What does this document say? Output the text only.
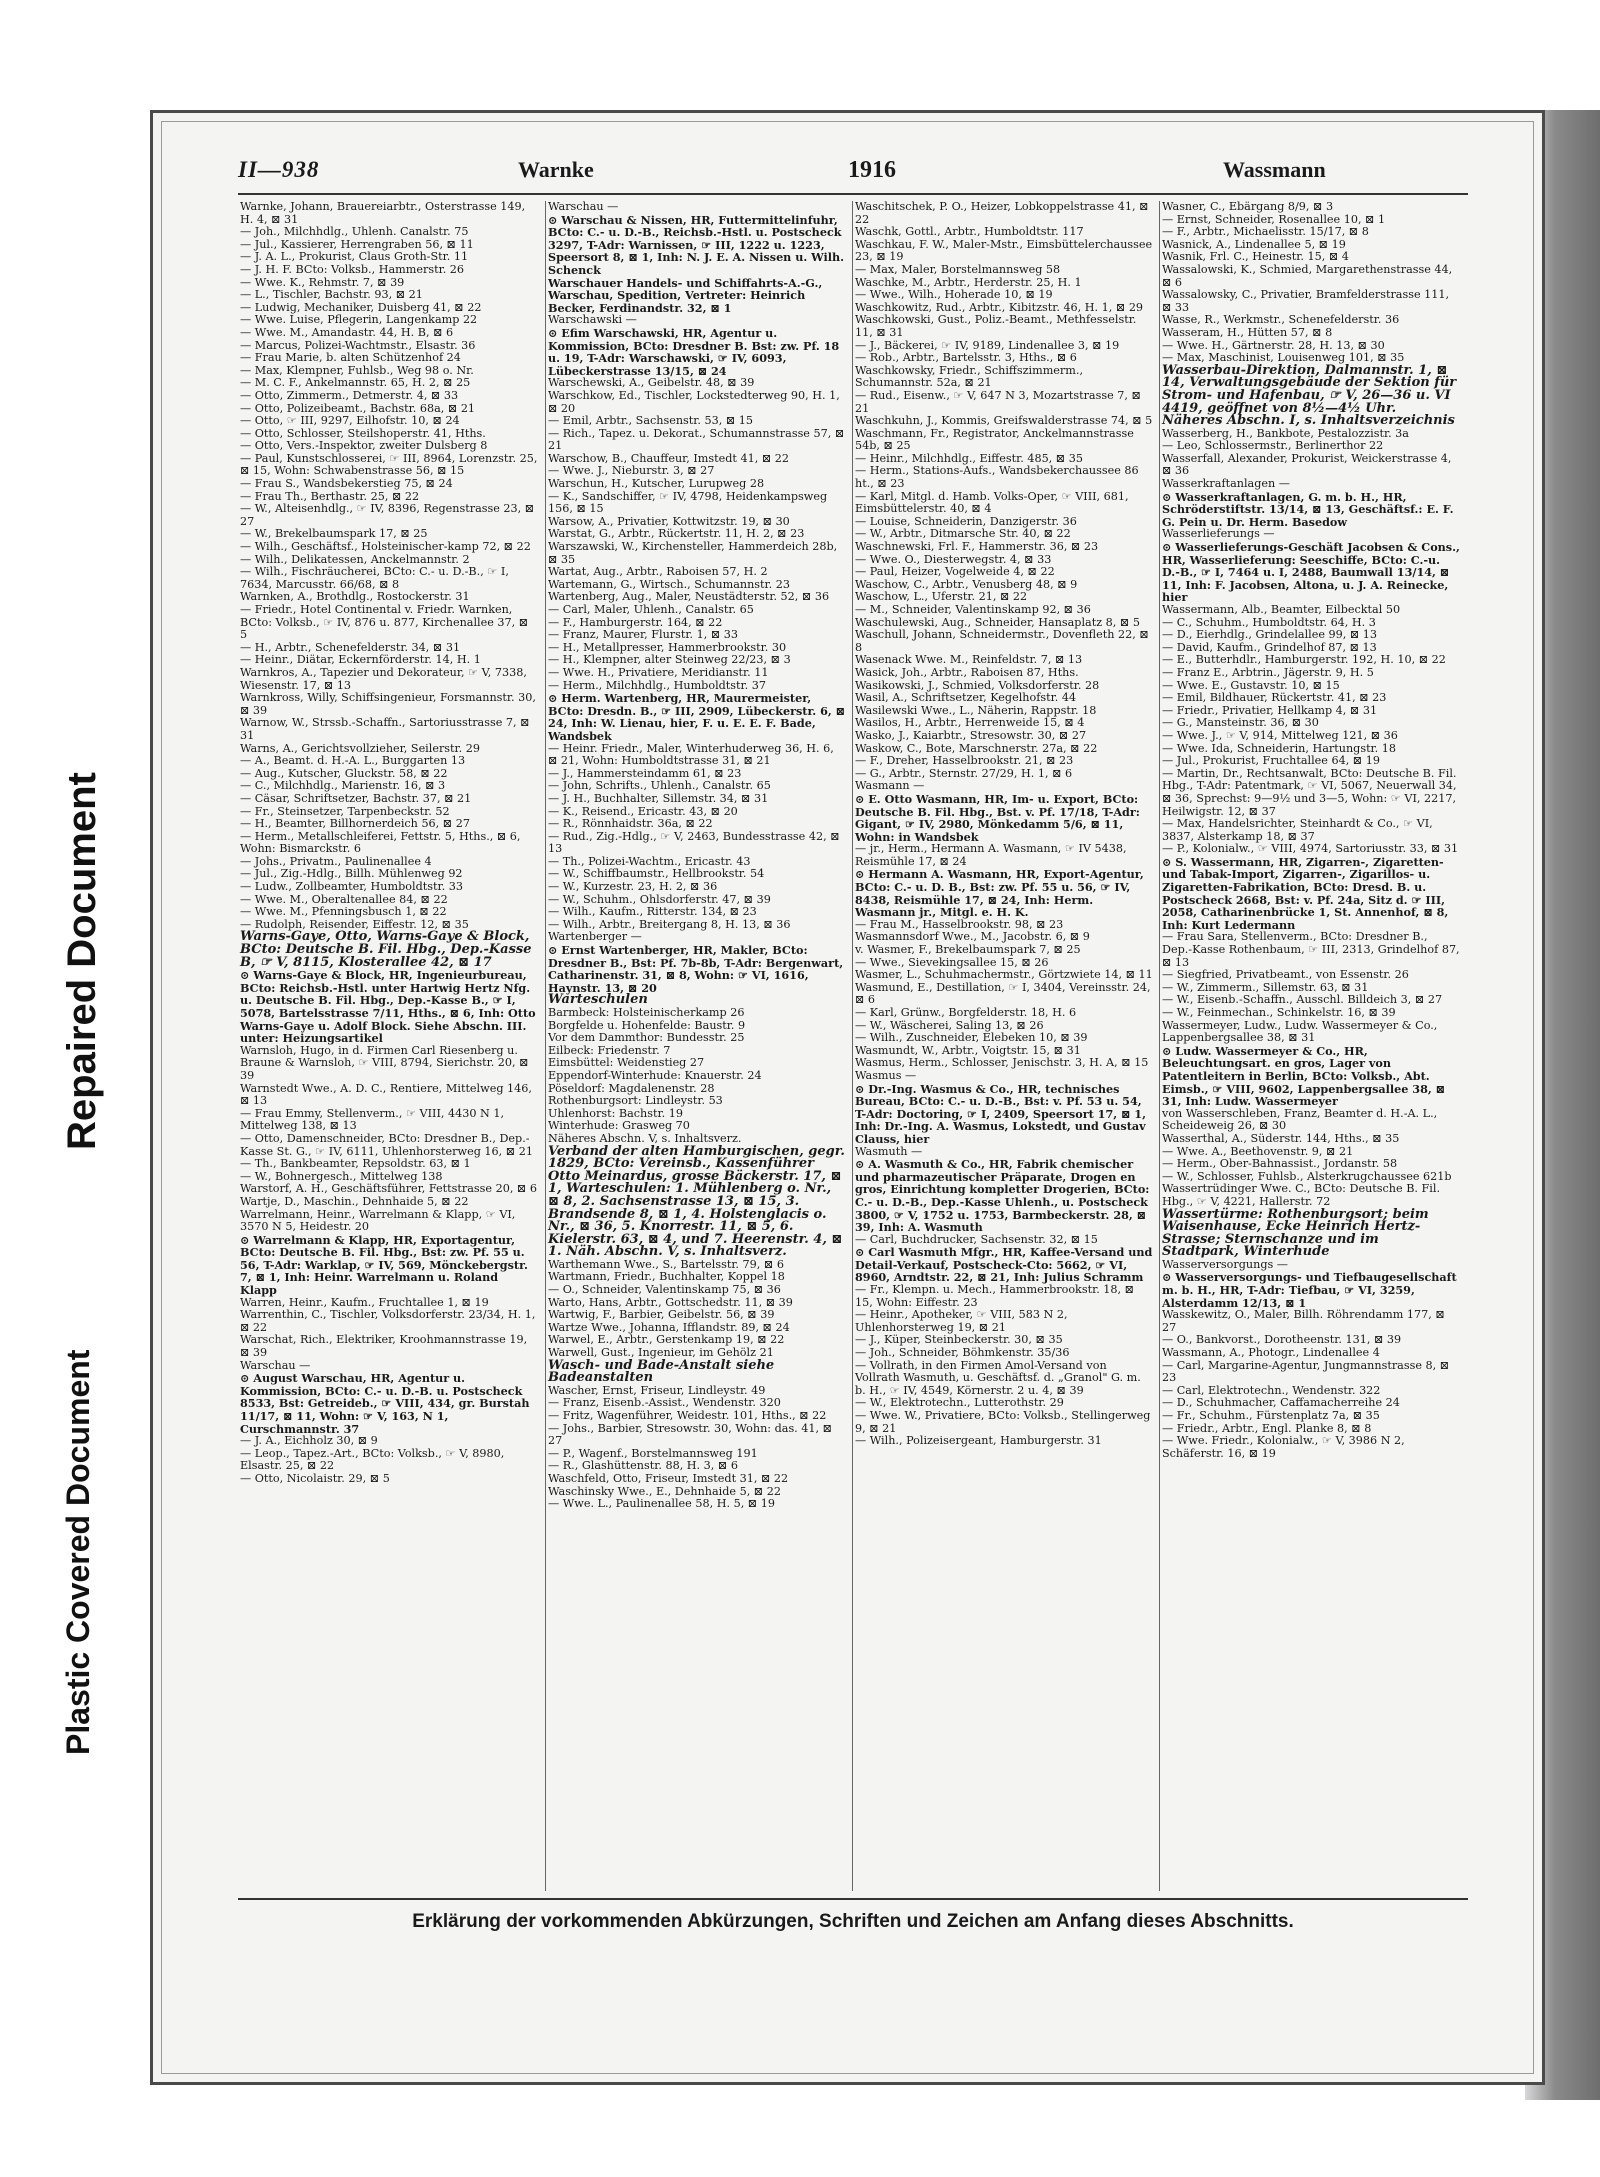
Repaired Document
Plastic Covered Document
II—938	Warnke	1916	Wassmann
Warnke, Johann, Brauereiarbtr., Osterstrasse 149, H. 4, ⊠ 31
— Joh., Milchhdlg., Uhlenh. Canalstr. 75
— Jul., Kassierer, Herrengraben 56, ⊠ 11
— J. A. L., Prokurist, Claus Groth-Str. 11
— J. H. F. BCto: Volksb., Hammerstr. 26
— Wwe. K., Rehmstr. 7, ⊠ 39
— L., Tischler, Bachstr. 93, ⊠ 21
— Ludwig, Mechaniker, Duisberg 41, ⊠ 22
— Wwe. Luise, Pflegerin, Langenkamp 22
— Wwe. M., Amandastr. 44, H. B, ⊠ 6
— Marcus, Polizei-Wachtmstr., Elsastr. 36
— Frau Marie, b. alten Schützenhof 24
— Max, Klempner, Fuhlsb., Weg 98 o. Nr.
— M. C. F., Ankelmannstr. 65, H. 2, ⊠ 25
— Otto, Zimmerm., Detmerstr. 4, ⊠ 33
— Otto, Polizeibeamt., Bachstr. 68a, ⊠ 21
— Otto, ☞ III, 9297, Eilhofstr. 10, ⊠ 24
— Otto, Schlosser, Steilshoperstr. 41, Hths.
— Otto, Vers.-Inspektor, zweiter Dulsberg 8
— Paul, Kunstschlosserei, ☞ III, 8964, Lorenzstr. 25, ⊠ 15, Wohn: Schwabenstrasse 56, ⊠ 15
— Frau S., Wandsbekerstieg 75, ⊠ 24
— Frau Th., Berthastr. 25, ⊠ 22
— W., Alteisenhdlg., ☞ IV, 8396, Regenstrasse 23, ⊠ 27
— W., Brekelbaumspark 17, ⊠ 25
— Wilh., Geschäftsf., Holsteinischer-kamp 72, ⊠ 22
— Wilh., Delikatessen, Anckelmannstr. 2
— Wilh., Fischräucherei, BCto: C.- u. D.-B., ☞ I, 7634, Marcusstr. 66/68, ⊠ 8
Warnken, A., Brothdlg., Rostockerstr. 31
— Friedr., Hotel Continental v. Friedr. Warnken, BCto: Volksb., ☞ IV, 876 u. 877, Kirchenallee 37, ⊠ 5
— H., Arbtr., Schenefelderstr. 34, ⊠ 31
— Heinr., Diätar, Eckernförderstr. 14, H. 1
Warnkros, A., Tapezier und Dekorateur, ☞ V, 7338, Wiesenstr. 17, ⊠ 13
Warnkross, Willy, Schiffsingenieur, Forsmannstr. 30, ⊠ 39
Warnow, W., Strssb.-Schaffn., Sartoriusstrasse 7, ⊠ 31
Warns, A., Gerichtsvollzieher, Seilerstr. 29
— A., Beamt. d. H.-A. L., Burggarten 13
— Aug., Kutscher, Gluckstr. 58, ⊠ 22
— C., Milchhdlg., Marienstr. 16, ⊠ 3
— Cäsar, Schriftsetzer, Bachstr. 37, ⊠ 21
— Fr., Steinsetzer, Tarpenbeckstr. 52
— H., Beamter, Billhornerdeich 56, ⊠ 27
— Herm., Metallschleiferei, Fettstr. 5, Hths., ⊠ 6, Wohn: Bismarckstr. 6
— Johs., Privatm., Paulinenallee 4
— Jul., Zig.-Hdlg., Billh. Mühlenweg 92
— Ludw., Zollbeamter, Humboldtstr. 33
— Wwe. M., Oberaltenallee 84, ⊠ 22
— Wwe. M., Pfenningsbusch 1, ⊠ 22
— Rudolph, Reisender, Eiffestr. 12, ⊠ 35
Warns-Gaye, Otto, Warns-Gaye & Block, BCto: Deutsche B. Fil. Hbg., Dep.-Kasse B, ☞ V, 8115, Klosterallee 42, ⊠ 17
⊙ Warns-Gaye & Block, HR, Ingenieurbureau, BCto: Reichsb.-Hstl. unter Hartwig Hertz Nfg. u. Deutsche B. Fil. Hbg., Dep.-Kasse B., ☞ I, 5078, Bartelsstrasse 7/11, Hths., ⊠ 6, Inh: Otto Warns-Gaye u. Adolf Block. Siehe Abschn. III. unter: Heizungsartikel
Warnsloh, Hugo, in d. Firmen Carl Riesenberg u. Braune & Warnsloh, ☞ VIII, 8794, Sierichstr. 20, ⊠ 39
Warnstedt Wwe., A. D. C., Rentiere, Mittelweg 146, ⊠ 13
— Frau Emmy, Stellenverm., ☞ VIII, 4430 N 1, Mittelweg 138, ⊠ 13
— Otto, Damenschneider, BCto: Dresdner B., Dep.-Kasse St. G., ☞ IV, 6111, Uhlenhorsterweg 16, ⊠ 21
— Th., Bankbeamter, Repsoldstr. 63, ⊠ 1
— W., Bohnergesch., Mittelweg 138
Warstorf, A. H., Geschäftsführer, Fettstrasse 20, ⊠ 6
Wartje, D., Maschin., Dehnhaide 5, ⊠ 22
Warrelmann, Heinr., Warrelmann & Klapp, ☞ VI, 3570 N 5, Heidestr. 20
⊙ Warrelmann & Klapp, HR, Exportagentur, BCto: Deutsche B. Fil. Hbg., Bst: zw. Pf. 55 u. 56, T-Adr: Warklap, ☞ IV, 569, Mönckebergstr. 7, ⊠ 1, Inh: Heinr. Warrelmann u. Roland Klapp
Warren, Heinr., Kaufm., Fruchtallee 1, ⊠ 19
Warrenthin, C., Tischler, Volksdorferstr. 23/34, H. 1, ⊠ 22
Warschat, Rich., Elektriker, Kroohmannstrasse 19, ⊠ 39
Warschau —
⊙ August Warschau, HR, Agentur u. Kommission, BCto: C.- u. D.-B. u. Postscheck 8533, Bst: Getreideb., ☞ VIII, 434, gr. Burstah 11/17, ⊠ 11, Wohn: ☞ V, 163, N 1, Curschmannstr. 37
— J. A., Eichholz 30, ⊠ 9
— Leop., Tapez.-Art., BCto: Volksb., ☞ V, 8980, Elsastr. 25, ⊠ 22
— Otto, Nicolaistr. 29, ⊠ 5
Warschau —
⊙ Warschau & Nissen, HR, Futtermittelinfuhr, BCto: C.- u. D.-B., Reichsb.-Hstl. u. Postscheck 3297, T-Adr: Warnissen, ☞ III, 1222 u. 1223, Speersort 8, ⊠ 1, Inh: N. J. E. A. Nissen u. Wilh. Schenck
Warschauer Handels- und Schiffahrts-A.-G., Warschau, Spedition, Vertreter: Heinrich Becker, Ferdinandstr. 32, ⊠ 1
Warschawski —
⊙ Efim Warschawski, HR, Agentur u. Kommission, BCto: Dresdner B. Bst: zw. Pf. 18 u. 19, T-Adr: Warschawski, ☞ IV, 6093, Lübeckerstrasse 13/15, ⊠ 24
Warschewski, A., Geibelstr. 48, ⊠ 39
Warschkow, Ed., Tischler, Lockstedterweg 90, H. 1, ⊠ 20
— Emil, Arbtr., Sachsenstr. 53, ⊠ 15
— Rich., Tapez. u. Dekorat., Schumannstrasse 57, ⊠ 21
Warschow, B., Chauffeur, Imstedt 41, ⊠ 22
— Wwe. J., Nieburstr. 3, ⊠ 27
Warschun, H., Kutscher, Lurupweg 28
— K., Sandschiffer, ☞ IV, 4798, Heidenkampsweg 156, ⊠ 15
Warsow, A., Privatier, Kottwitzstr. 19, ⊠ 30
Warstat, G., Arbtr., Rückertstr. 11, H. 2, ⊠ 23
Warszawski, W., Kirchensteller, Hammerdeich 28b, ⊠ 35
Wartat, Aug., Arbtr., Raboisen 57, H. 2
Wartemann, G., Wirtsch., Schumannstr. 23
Wartenberg, Aug., Maler, Neustädterstr. 52, ⊠ 36
— Carl, Maler, Uhlenh., Canalstr. 65
— F., Hamburgerstr. 164, ⊠ 22
— Franz, Maurer, Flurstr. 1, ⊠ 33
— H., Metallpresser, Hammerbrookstr. 30
— H., Klempner, alter Steinweg 22/23, ⊠ 3
— Wwe. H., Privatiere, Meridianstr. 11
— Herm., Milchhdlg., Humboldtstr. 37
⊙ Herm. Wartenberg, HR, Maurermeister, BCto: Dresdn. B., ☞ III, 2909, Lübeckerstr. 6, ⊠ 24, Inh: W. Lienau, hier, F. u. E. E. F. Bade, Wandsbek
— Heinr. Friedr., Maler, Winterhuderweg 36, H. 6, ⊠ 21, Wohn: Humboldtstrasse 31, ⊠ 21
— J., Hammersteindamm 61, ⊠ 23
— John, Schrifts., Uhlenh., Canalstr. 65
— J. H., Buchhalter, Sillemstr. 34, ⊠ 31
— K., Reisend., Ericastr. 43, ⊠ 20
— R., Rönnhaidstr. 36a, ⊠ 22
— Rud., Zig.-Hdlg., ☞ V, 2463, Bundesstrasse 42, ⊠ 13
— Th., Polizei-Wachtm., Ericastr. 43
— W., Schiffbaumstr., Hellbrookstr. 54
— W., Kurzestr. 23, H. 2, ⊠ 36
— W., Schuhm., Ohlsdorferstr. 47, ⊠ 39
— Wilh., Kaufm., Ritterstr. 134, ⊠ 23
— Wilh., Arbtr., Breitergang 8, H. 13, ⊠ 36
Wartenberger —
⊙ Ernst Wartenberger, HR, Makler, BCto: Dresdner B., Bst: Pf. 7b-8b, T-Adr: Bergenwart, Catharinenstr. 31, ⊠ 8, Wohn: ☞ VI, 1616, Haynstr. 13, ⊠ 20
Warteschulen
Barmbeck: Holsteinischerkamp 26
Borgfelde u. Hohenfelde: Baustr. 9
Vor dem Dammthor: Bundesstr. 25
Eilbeck: Friedenstr. 7
Eimsbüttel: Weidenstieg 27
Eppendorf-Winterhude: Knauerstr. 24
Pöseldorf: Magdalenenstr. 28
Rothenburgsort: Lindleystr. 53
Uhlenhorst: Bachstr. 19
Winterhude: Grasweg 70
Näheres Abschn. V, s. Inhaltsverz.
Verband der alten Hamburgischen, gegr. 1829, BCto: Vereinsb., Kassenführer Otto Meinardus, grosse Bäckerstr. 17, ⊠ 1, Warteschulen: 1. Mühlenberg o. Nr., ⊠ 8, 2. Sachsenstrasse 13, ⊠ 15, 3. Brandsende 8, ⊠ 1, 4. Holstenglacis o. Nr., ⊠ 36, 5. Knorrestr. 11, ⊠ 5, 6. Kielerstr. 63, ⊠ 4, und 7. Heerenstr. 4, ⊠ 1. Näh. Abschn. V, s. Inhaltsverz.
Warthemann Wwe., S., Bartelsstr. 79, ⊠ 6
Wartmann, Friedr., Buchhalter, Koppel 18
— O., Schneider, Valentinskamp 75, ⊠ 36
Warto, Hans, Arbtr., Gottschedstr. 11, ⊠ 39
Wartwig, F., Barbier, Geibelstr. 56, ⊠ 39
Wartze Wwe., Johanna, Ifflandstr. 89, ⊠ 24
Warwel, E., Arbtr., Gerstenkamp 19, ⊠ 22
Warwell, Gust., Ingenieur, im Gehölz 21
Wasch- und Bade-Anstalt siehe Badeanstalten
Wascher, Ernst, Friseur, Lindleystr. 49
— Franz, Eisenb.-Assist., Wendenstr. 320
— Fritz, Wagenführer, Weidestr. 101, Hths., ⊠ 22
— Johs., Barbier, Stresowstr. 30, Wohn: das. 41, ⊠ 27
— P., Wagenf., Borstelmannsweg 191
— R., Glashüttenstr. 88, H. 3, ⊠ 6
Waschfeld, Otto, Friseur, Imstedt 31, ⊠ 22
Waschinsky Wwe., E., Dehnhaide 5, ⊠ 22
— Wwe. L., Paulinenallee 58, H. 5, ⊠ 19
Waschitschek, P. O., Heizer, Lobkoppelstrasse 41, ⊠ 22
Waschk, Gottl., Arbtr., Humboldtstr. 117
Waschkau, F. W., Maler-Mstr., Eimsbüttelerchaussee 23, ⊠ 19
— Max, Maler, Borstelmannsweg 58
Waschke, M., Arbtr., Herderstr. 25, H. 1
— Wwe., Wilh., Hoherade 10, ⊠ 19
Waschkowitz, Rud., Arbtr., Kibitzstr. 46, H. 1, ⊠ 29
Waschkowski, Gust., Poliz.-Beamt., Methfesselstr. 11, ⊠ 31
— J., Bäckerei, ☞ IV, 9189, Lindenallee 3, ⊠ 19
— Rob., Arbtr., Bartelsstr. 3, Hths., ⊠ 6
Waschkowsky, Friedr., Schiffszimmerm., Schumannstr. 52a, ⊠ 21
— Rud., Eisenw., ☞ V, 647 N 3, Mozartstrasse 7, ⊠ 21
Waschkuhn, J., Kommis, Greifswalderstrasse 74, ⊠ 5
Waschmann, Fr., Registrator, Anckelmannstrasse 54b, ⊠ 25
— Heinr., Milchhdlg., Eiffestr. 485, ⊠ 35
— Herm., Stations-Aufs., Wandsbekerchaussee 86 ht., ⊠ 23
— Karl, Mitgl. d. Hamb. Volks-Oper, ☞ VIII, 681, Eimsbüttelerstr. 40, ⊠ 4
— Louise, Schneiderin, Danzigerstr. 36
— W., Arbtr., Ditmarsche Str. 40, ⊠ 22
Waschnewski, Frl. F., Hammerstr. 36, ⊠ 23
— Wwe. O., Diesterwegstr. 4, ⊠ 33
— Paul, Heizer, Vogelweide 4, ⊠ 22
Waschow, C., Arbtr., Venusberg 48, ⊠ 9
Waschow, L., Uferstr. 21, ⊠ 22
— M., Schneider, Valentinskamp 92, ⊠ 36
Waschulewski, Aug., Schneider, Hansaplatz 8, ⊠ 5
Waschull, Johann, Schneidermstr., Dovenfleth 22, ⊠ 8
Wasenack Wwe. M., Reinfeldstr. 7, ⊠ 13
Wasick, Joh., Arbtr., Raboisen 87, Hths.
Wasikowski, J., Schmied, Volksdorferstr. 28
Wasil, A., Schriftsetzer, Kegelhofstr. 44
Wasilewski Wwe., L., Näherin, Rappstr. 18
Wasilos, H., Arbtr., Herrenweide 15, ⊠ 4
Wasko, J., Kaiarbtr., Stresowstr. 30, ⊠ 27
Waskow, C., Bote, Marschnerstr. 27a, ⊠ 22
— F., Dreher, Hasselbrookstr. 21, ⊠ 23
— G., Arbtr., Sternstr. 27/29, H. 1, ⊠ 6
Wasmann —
⊙ E. Otto Wasmann, HR, Im- u. Export, BCto: Deutsche B. Fil. Hbg., Bst. v. Pf. 17/18, T-Adr: Gigant, ☞ IV, 2980, Mönkedamm 5/6, ⊠ 11, Wohn: in Wandsbek
— jr., Herm., Hermann A. Wasmann, ☞ IV 5438, Reismühle 17, ⊠ 24
⊙ Hermann A. Wasmann, HR, Export-Agentur, BCto: C.- u. D. B., Bst: zw. Pf. 55 u. 56, ☞ IV, 8438, Reismühle 17, ⊠ 24, Inh: Herm. Wasmann jr., Mitgl. e. H. K.
— Frau M., Hasselbrookstr. 98, ⊠ 23
Wasmannsdorf Wwe., M., Jacobstr. 6, ⊠ 9
v. Wasmer, F., Brekelbaumspark 7, ⊠ 25
— Wwe., Sievekingsallee 15, ⊠ 26
Wasmer, L., Schuhmachermstr., Görtzwiete 14, ⊠ 11
Wasmund, E., Destillation, ☞ I, 3404, Vereinsstr. 24, ⊠ 6
— Karl, Grünw., Borgfelderstr. 18, H. 6
— W., Wäscherei, Saling 13, ⊠ 26
— Wilh., Zuschneider, Elebeken 10, ⊠ 39
Wasmundt, W., Arbtr., Voigtstr. 15, ⊠ 31
Wasmus, Herm., Schlosser, Jenischstr. 3, H. A, ⊠ 15
Wasmus —
⊙ Dr.-Ing. Wasmus & Co., HR, technisches Bureau, BCto: C.- u. D.-B., Bst: v. Pf. 53 u. 54, T-Adr: Doctoring, ☞ I, 2409, Speersort 17, ⊠ 1, Inh: Dr.-Ing. A. Wasmus, Lokstedt, und Gustav Clauss, hier
Wasmuth —
⊙ A. Wasmuth & Co., HR, Fabrik chemischer und pharmazeutischer Präparate, Drogen en gros, Einrichtung kompletter Drogerien, BCto: C.- u. D.-B., Dep.-Kasse Uhlenh., u. Postscheck 3800, ☞ V, 1752 u. 1753, Barmbeckerstr. 28, ⊠ 39, Inh: A. Wasmuth
— Carl, Buchdrucker, Sachsenstr. 32, ⊠ 15
⊙ Carl Wasmuth Mfgr., HR, Kaffee-Versand und Detail-Verkauf, Postscheck-Cto: 5662, ☞ VI, 8960, Arndtstr. 22, ⊠ 21, Inh: Julius Schramm
— Fr., Klempn. u. Mech., Hammerbrookstr. 18, ⊠ 15, Wohn: Eiffestr. 23
— Heinr., Apotheker, ☞ VIII, 583 N 2, Uhlenhorsterweg 19, ⊠ 21
— J., Küper, Steinbeckerstr. 30, ⊠ 35
— Joh., Schneider, Böhmkenstr. 35/36
— Vollrath, in den Firmen Amol-Versand von Vollrath Wasmuth, u. Geschäftsf. d. „Granol" G. m. b. H., ☞ IV, 4549, Körnerstr. 2 u. 4, ⊠ 39
— W., Elektrotechn., Lutterothstr. 29
— Wwe. W., Privatiere, BCto: Volksb., Stellingerweg 9, ⊠ 21
— Wilh., Polizeisergeant, Hamburgerstr. 31
Wasner, C., Ebärgang 8/9, ⊠ 3
— Ernst, Schneider, Rosenallee 10, ⊠ 1
— F., Arbtr., Michaelisstr. 15/17, ⊠ 8
Wasnick, A., Lindenallee 5, ⊠ 19
Wasnik, Frl. C., Heinestr. 15, ⊠ 4
Wassalowski, K., Schmied, Margarethenstrasse 44, ⊠ 6
Wassalowsky, C., Privatier, Bramfelderstrasse 111, ⊠ 33
Wasse, R., Werkmstr., Schenefelderstr. 36
Wasseram, H., Hütten 57, ⊠ 8
— Wwe. H., Gärtnerstr. 28, H. 13, ⊠ 30
— Max, Maschinist, Louisenweg 101, ⊠ 35
Wasserbau-Direktion, Dalmannstr. 1, ⊠ 14, Verwaltungsgebäude der Sektion für Strom- und Hafenbau, ☞ V, 26—36 u. VI 4419, geöffnet von 8½—4½ Uhr. Näheres Abschn. I, s. Inhaltsverzeichnis
Wasserberg, H., Bankbote, Pestalozzistr. 3a
— Leo, Schlossermstr., Berlinerthor 22
Wasserfall, Alexander, Prokurist, Weickerstrasse 4, ⊠ 36
Wasserkraftanlagen —
⊙ Wasserkraftanlagen, G. m. b. H., HR, Schröderstiftstr. 13/14, ⊠ 13, Geschäftsf.: E. F. G. Pein u. Dr. Herm. Basedow
Wasserlieferungs —
⊙ Wasserlieferungs-Geschäft Jacobsen & Cons., HR, Wasserlieferung: Seeschiffe, BCto: C.-u. D.-B., ☞ I, 7464 u. I, 2488, Baumwall 13/14, ⊠ 11, Inh: F. Jacobsen, Altona, u. J. A. Reinecke, hier
Wassermann, Alb., Beamter, Eilbecktal 50
— C., Schuhm., Humboldtstr. 64, H. 3
— D., Eierhdlg., Grindelallee 99, ⊠ 13
— David, Kaufm., Grindelhof 87, ⊠ 13
— E., Butterhdlr., Hamburgerstr. 192, H. 10, ⊠ 22
— Franz E., Arbtrin., Jägerstr. 9, H. 5
— Wwe. E., Gustavstr. 10, ⊠ 15
— Emil, Bildhauer, Rückertstr. 41, ⊠ 23
— Friedr., Privatier, Hellkamp 4, ⊠ 31
— G., Mansteinstr. 36, ⊠ 30
— Wwe. J., ☞ V, 914, Mittelweg 121, ⊠ 36
— Wwe. Ida, Schneiderin, Hartungstr. 18
— Jul., Prokurist, Fruchtallee 64, ⊠ 19
— Martin, Dr., Rechtsanwalt, BCto: Deutsche B. Fil. Hbg., T-Adr: Patentmark, ☞ VI, 5067, Neuerwall 34, ⊠ 36, Sprechst: 9—9½ und 3—5, Wohn: ☞ VI, 2217, Heilwigstr. 12, ⊠ 37
— Max, Handelsrichter, Steinhardt & Co., ☞ VI, 3837, Alsterkamp 18, ⊠ 37
— P., Kolonialw., ☞ VIII, 4974, Sartoriusstr. 33, ⊠ 31
⊙ S. Wassermann, HR, Zigarren-, Zigaretten- und Tabak-Import, Zigarren-, Zigarillos- u. Zigaretten-Fabrikation, BCto: Dresd. B. u. Postscheck 2668, Bst: v. Pf. 24a, Sitz d. ☞ III, 2058, Catharinenbrücke 1, St. Annenhof, ⊠ 8, Inh: Kurt Ledermann
— Frau Sara, Stellenverm., BCto: Dresdner B., Dep.-Kasse Rothenbaum, ☞ III, 2313, Grindelhof 87, ⊠ 13
— Siegfried, Privatbeamt., von Essenstr. 26
— W., Zimmerm., Sillemstr. 63, ⊠ 31
— W., Eisenb.-Schaffn., Ausschl. Billdeich 3, ⊠ 27
— W., Feinmechan., Schinkelstr. 16, ⊠ 39
Wassermeyer, Ludw., Ludw. Wassermeyer & Co., Lappenbergsallee 38, ⊠ 31
⊙ Ludw. Wassermeyer & Co., HR, Beleuchtungsart. en gros, Lager von Patentleitern in Berlin, BCto: Volksb., Abt. Eimsb., ☞ VIII, 9602, Lappenbergsallee 38, ⊠ 31, Inh: Ludw. Wassermeyer
von Wasserschleben, Franz, Beamter d. H.-A. L., Scheideweig 26, ⊠ 30
Wasserthal, A., Süderstr. 144, Hths., ⊠ 35
— Wwe. A., Beethovenstr. 9, ⊠ 21
— Herm., Ober-Bahnassist., Jordanstr. 58
— W., Schlosser, Fuhlsb., Alsterkrugchaussee 621b
Wassertrüdinger Wwe. C., BCto: Deutsche B. Fil. Hbg., ☞ V, 4221, Hallerstr. 72
Wassertürme: Rothenburgsort; beim Waisenhause, Ecke Heinrich Hertz-Strasse; Sternschanze und im Stadtpark, Winterhude
Wasserversorgungs —
⊙ Wasserversorgungs- und Tiefbaugesellschaft m. b. H., HR, T-Adr: Tiefbau, ☞ VI, 3259, Alsterdamm 12/13, ⊠ 1
Wasskewitz, O., Maler, Billh. Röhrendamm 177, ⊠ 27
— O., Bankvorst., Dorotheenstr. 131, ⊠ 39
Wassmann, A., Photogr., Lindenallee 4
— Carl, Margarine-Agentur, Jungmannstrasse 8, ⊠ 23
— Carl, Elektrotechn., Wendenstr. 322
— D., Schuhmacher, Caffamacherreihe 24
— Fr., Schuhm., Fürstenplatz 7a, ⊠ 35
— Friedr., Arbtr., Engl. Planke 8, ⊠ 8
— Wwe. Friedr., Kolonialw., ☞ V, 3986 N 2, Schäferstr. 16, ⊠ 19
Erklärung der vorkommenden Abkürzungen, Schriften und Zeichen am Anfang dieses Abschnitts.
